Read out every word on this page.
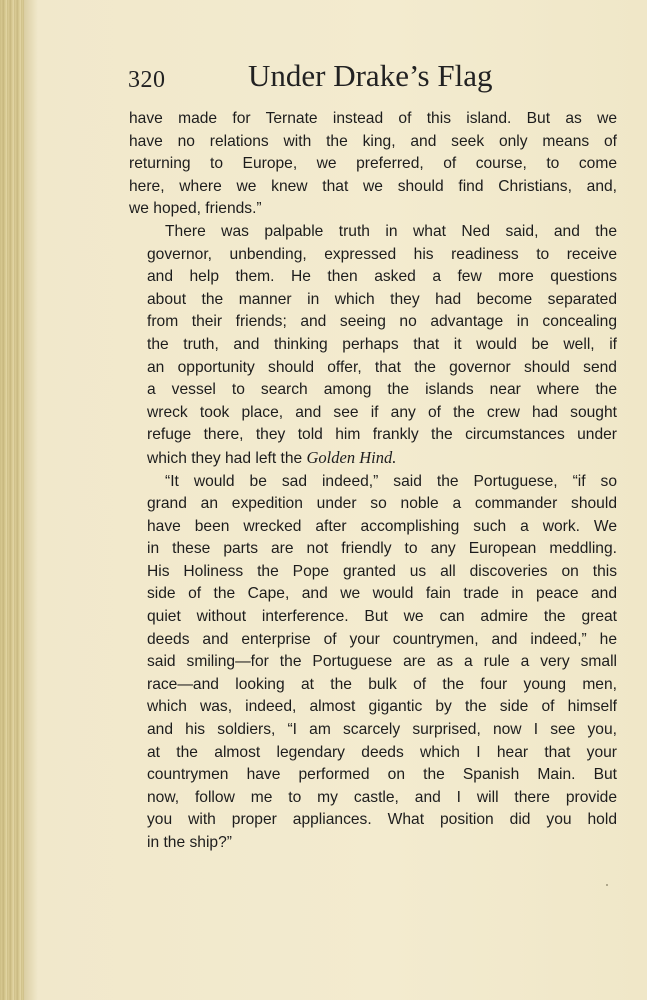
320	Under Drake’s Flag

have made for Ternate instead of this island. But as we
have no relations with the king, and seek only means of
returning to Europe, we preferred, of course, to come
here, where we knew that we should find Christians, and,
we hoped, friends.”

There was palpable truth in what Ned said, and the
governor, unbending, expressed his readiness to receive
and help them. He then asked a few more questions
about the manner in which they had become separated
from their friends; and seeing no advantage in concealing
the truth, and thinking perhaps that it would be well, if
an opportunity should offer, that the governor should send
a vessel to search among the islands near where the
wreck took place, and see if any of the crew had sought
refuge there, they told him frankly the circumstances under
which they had left the Golden Hind.

“It would be sad indeed,” said the Portuguese, “if so
grand an expedition under so noble a commander should
have been wrecked after accomplishing such a work. We
in these parts are not friendly to any European meddling.
His Holiness the Pope granted us all discoveries on this
side of the Cape, and we would fain trade in peace and
quiet without interference. But we can admire the great
deeds and enterprise of your countrymen, and indeed,” he
said smiling—for the Portuguese are as a rule a very small
race—and looking at the bulk of the four young men,
which was, indeed, almost gigantic by the side of himself
and his soldiers, “I am scarcely surprised, now I see you,
at the almost legendary deeds which I hear that your
countrymen have performed on the Spanish Main. But
now, follow me to my castle, and I will there provide
you with proper appliances. What position did you hold
in the ship?”
